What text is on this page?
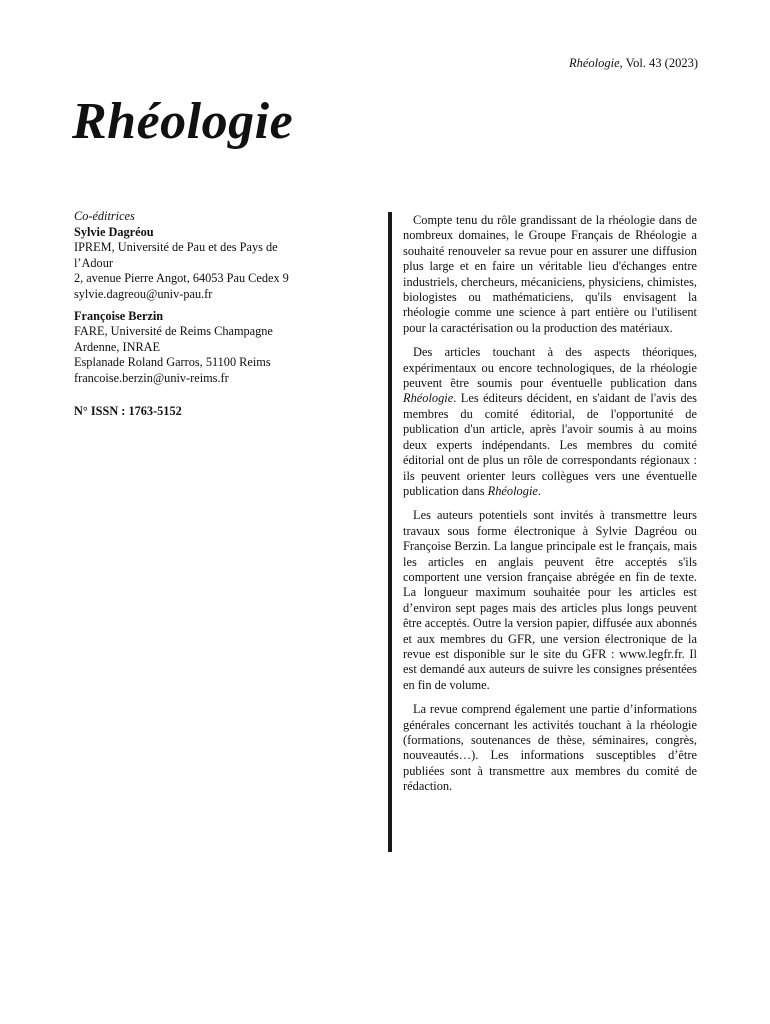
Rhéologie, Vol. 43 (2023)
Rhéologie
Co-éditrices
Sylvie Dagréou
IPREM, Université de Pau et des Pays de
l’Adour
2, avenue Pierre Angot, 64053 Pau Cedex 9
sylvie.dagreou@univ-pau.fr
Françoise Berzin
FARE, Université de Reims Champagne
Ardenne, INRAE
Esplanade Roland Garros, 51100 Reims
francoise.berzin@univ-reims.fr
N° ISSN : 1763-5152

Compte tenu du rôle grandissant de la rhéologie dans de nombreux domaines, le Groupe Français de Rhéologie a souhaité renouveler sa revue pour en assurer une diffusion plus large et en faire un véritable lieu d'échanges entre industriels, chercheurs, mécaniciens, physiciens, chimistes, biologistes ou mathématiciens, qu'ils envisagent la rhéologie comme une science à part entière ou l'utilisent pour la caractérisation ou la production des matériaux.

Des articles touchant à des aspects théoriques, expérimentaux ou encore technologiques, de la rhéologie peuvent être soumis pour éventuelle publication dans Rhéologie. Les éditeurs décident, en s'aidant de l'avis des membres du comité éditorial, de l'opportunité de publication d'un article, après l'avoir soumis à au moins deux experts indépendants. Les membres du comité éditorial ont de plus un rôle de correspondants régionaux : ils peuvent orienter leurs collègues vers une éventuelle publication dans Rhéologie.

Les auteurs potentiels sont invités à transmettre leurs travaux sous forme électronique à Sylvie Dagréou ou Françoise Berzin. La langue principale est le français, mais les articles en anglais peuvent être acceptés s'ils comportent une version française abrégée en fin de texte. La longueur maximum souhaitée pour les articles est d’environ sept pages mais des articles plus longs peuvent être acceptés. Outre la version papier, diffusée aux abonnés et aux membres du GFR, une version électronique de la revue est disponible sur le site du GFR : www.legfr.fr. Il est demandé aux auteurs de suivre les consignes présentées en fin de volume.

La revue comprend également une partie d’informations générales concernant les activités touchant à la rhéologie (formations, soutenances de thèse, séminaires, congrès, nouveautés…). Les informations susceptibles d’être publiées sont à transmettre aux membres du comité de rédaction.
